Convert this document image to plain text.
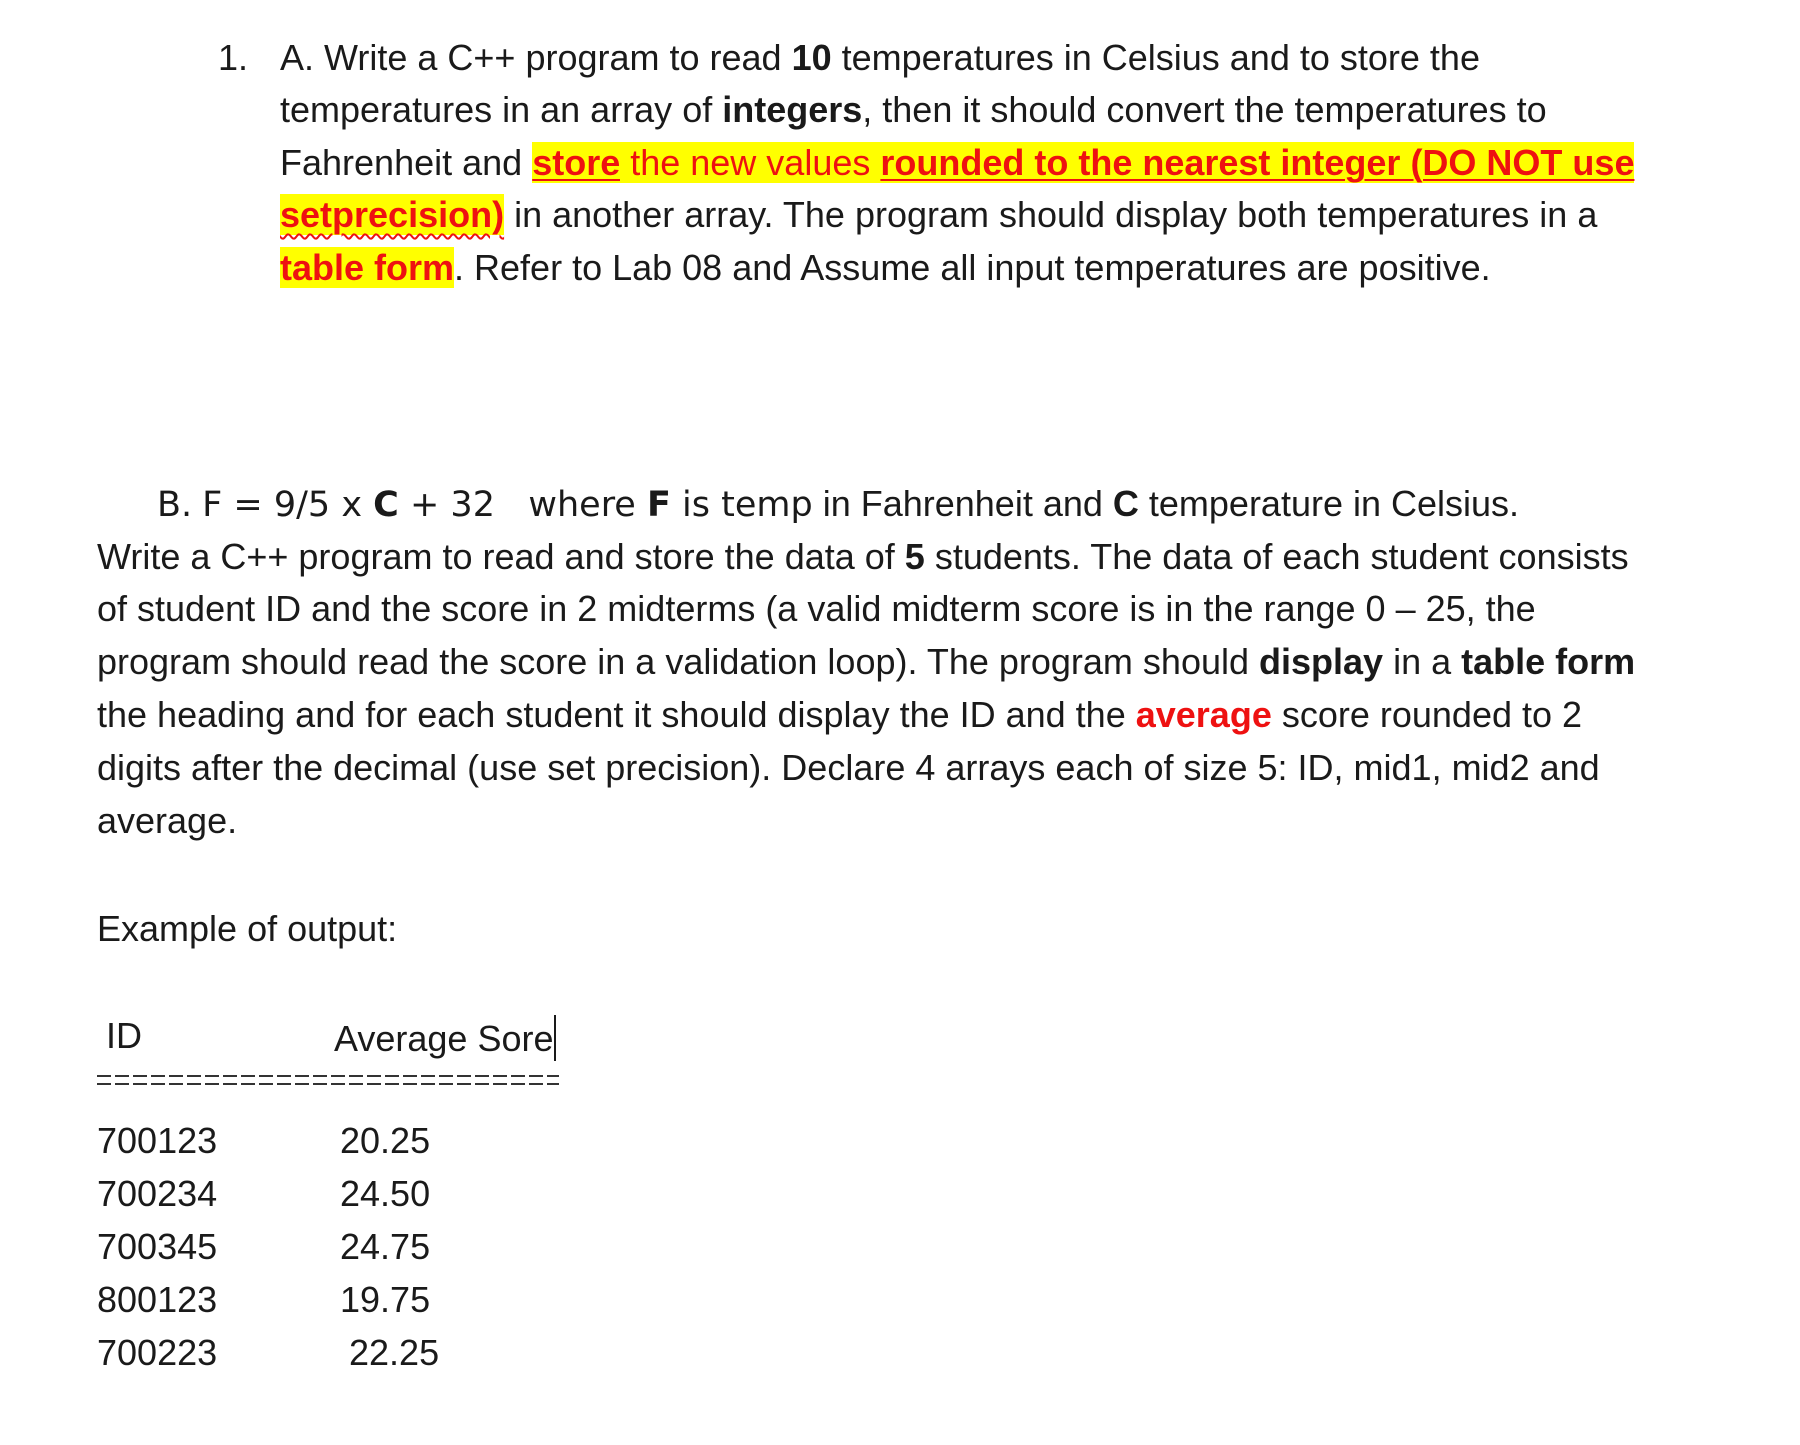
1. A. Write a C++ program to read 10 temperatures in Celsius and to store the
temperatures in an array of integers, then it should convert the temperatures to
Fahrenheit and store the new values rounded to the nearest integer (DO NOT use
setprecision) in another array. The program should display both temperatures in a
table form. Refer to Lab 08 and Assume all input temperatures are positive.
B. F = 9/5 x C + 32   where F is temp in Fahrenheit and C temperature in Celsius.
Write a C++ program to read and store the data of 5 students. The data of each student consists
of student ID and the score in 2 midterms (a valid midterm score is in the range 0 – 25, the
program should read the score in a validation loop). The program should display in a table form
the heading and for each student it should display the ID and the average score rounded to 2
digits after the decimal (use set precision). Declare 4 arrays each of size 5: ID, mid1, mid2 and
average.
Example of output:
ID	Average Sore
700123	20.25
700234	24.50
700345	24.75
800123	19.75
700223	22.25
